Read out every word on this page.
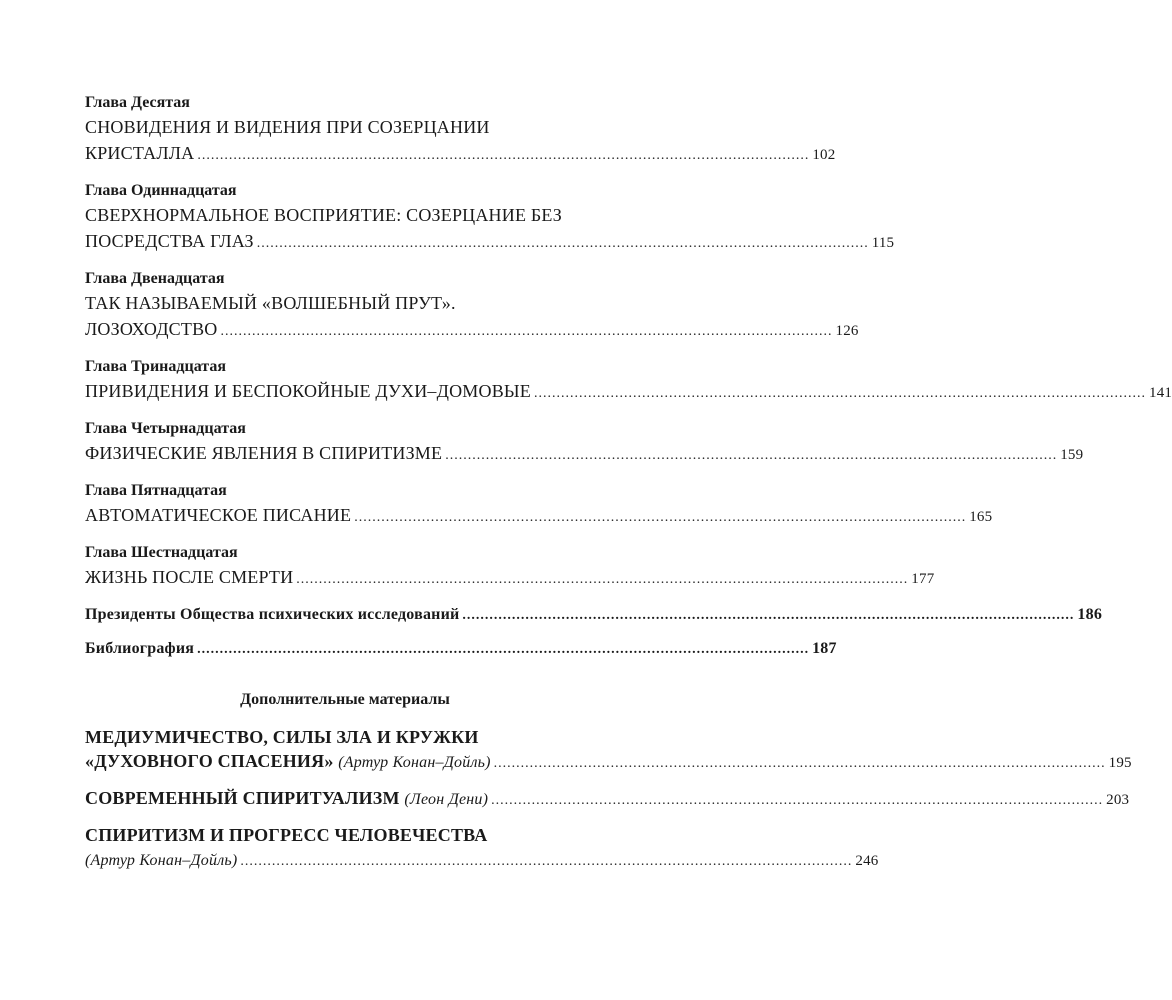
Глава Десятая
СНОВИДЕНИЯ И ВИДЕНИЯ ПРИ СОЗЕРЦАНИИ
КРИСТАЛЛА ........................................................................................................................................ 102
Глава Одиннадцатая
СВЕРХНОРМАЛЬНОЕ ВОСПРИЯТИЕ: СОЗЕРЦАНИЕ БЕЗ
ПОСРЕДСТВА ГЛАЗ ........................................................................................................................................ 115
Глава Двенадцатая
ТАК НАЗЫВАЕМЫЙ «ВОЛШЕБНЫЙ ПРУТ».
ЛОЗОХОДСТВО ........................................................................................................................................ 126
Глава Тринадцатая
ПРИВИДЕНИЯ И БЕСПОКОЙНЫЕ ДУХИ–ДОМОВЫЕ ........................................................................................................................................ 141
Глава Четырнадцатая
ФИЗИЧЕСКИЕ ЯВЛЕНИЯ В СПИРИТИЗМЕ ........................................................................................................................................ 159
Глава Пятнадцатая
АВТОМАТИЧЕСКОЕ ПИСАНИЕ ........................................................................................................................................ 165
Глава Шестнадцатая
ЖИЗНЬ ПОСЛЕ СМЕРТИ ........................................................................................................................................ 177
Президенты Общества психических исследований ........................................................................................................................................ 186
Библиография ........................................................................................................................................ 187
Дополнительные материалы
МЕДИУМИЧЕСТВО, СИЛЫ ЗЛА И КРУЖКИ
«ДУХОВНОГО СПАСЕНИЯ» (Артур Конан–Дойль) ........................................................................................................................................ 195
СОВРЕМЕННЫЙ СПИРИТУАЛИЗМ (Леон Дени) ........................................................................................................................................ 203
СПИРИТИЗМ И ПРОГРЕСС ЧЕЛОВЕЧЕСТВА
(Артур Конан–Дойль) ........................................................................................................................................ 246
